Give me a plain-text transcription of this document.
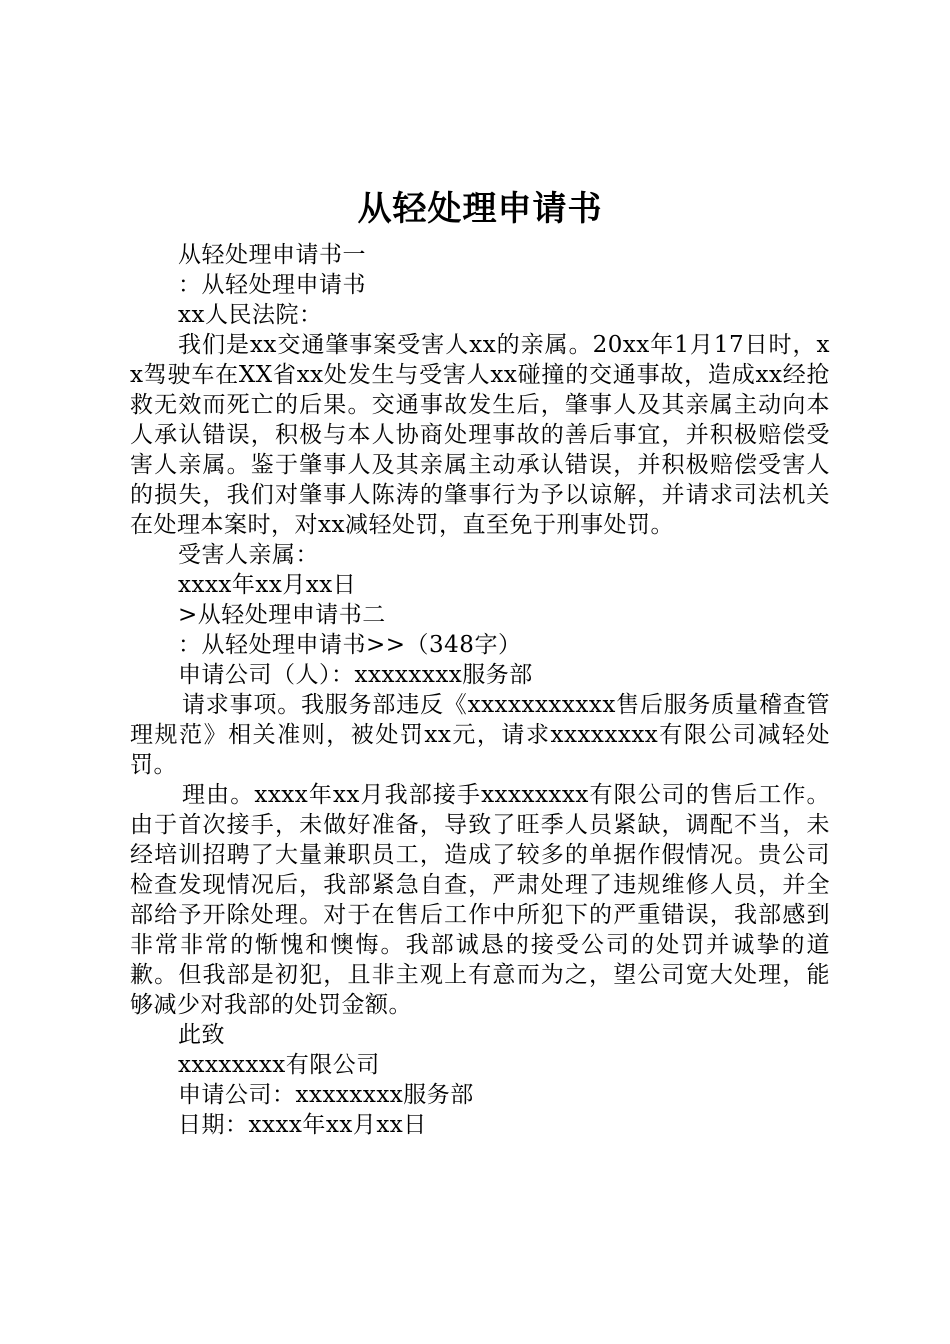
从轻处理申请书

从轻处理申请书一

：从轻处理申请书

xx人民法院：

我们是xx交通肇事案受害人xx的亲属。20xx年1月17日时，xx驾驶车在XX省xx处发生与受害人xx碰撞的交通事故，造成xx经抢救无效而死亡的后果。交通事故发生后，肇事人及其亲属主动向本人承认错误，积极与本人协商处理事故的善后事宜，并积极赔偿受害人亲属。鉴于肇事人及其亲属主动承认错误，并积极赔偿受害人的损失，我们对肇事人陈涛的肇事行为予以谅解，并请求司法机关在处理本案时，对xx减轻处罚，直至免于刑事处罚。

受害人亲属：

xxxx年xx月xx日

>从轻处理申请书二

：从轻处理申请书>>（348字）

申请公司（人）：xxxxxxxx服务部

请求事项。我服务部违反《xxxxxxxxxxx售后服务质量稽查管理规范》相关准则，被处罚xx元，请求xxxxxxxx有限公司减轻处罚。

理由。xxxx年xx月我部接手xxxxxxxx有限公司的售后工作。由于首次接手，未做好准备，导致了旺季人员紧缺，调配不当，未经培训招聘了大量兼职员工，造成了较多的单据作假情况。贵公司检查发现情况后，我部紧急自查，严肃处理了违规维修人员，并全部给予开除处理。对于在售后工作中所犯下的严重错误，我部感到非常非常的惭愧和懊悔。我部诚恳的接受公司的处罚并诚挚的道歉。但我部是初犯，且非主观上有意而为之，望公司宽大处理，能够减少对我部的处罚金额。

此致

xxxxxxxx有限公司

申请公司：xxxxxxxx服务部

日期：xxxx年xx月xx日
